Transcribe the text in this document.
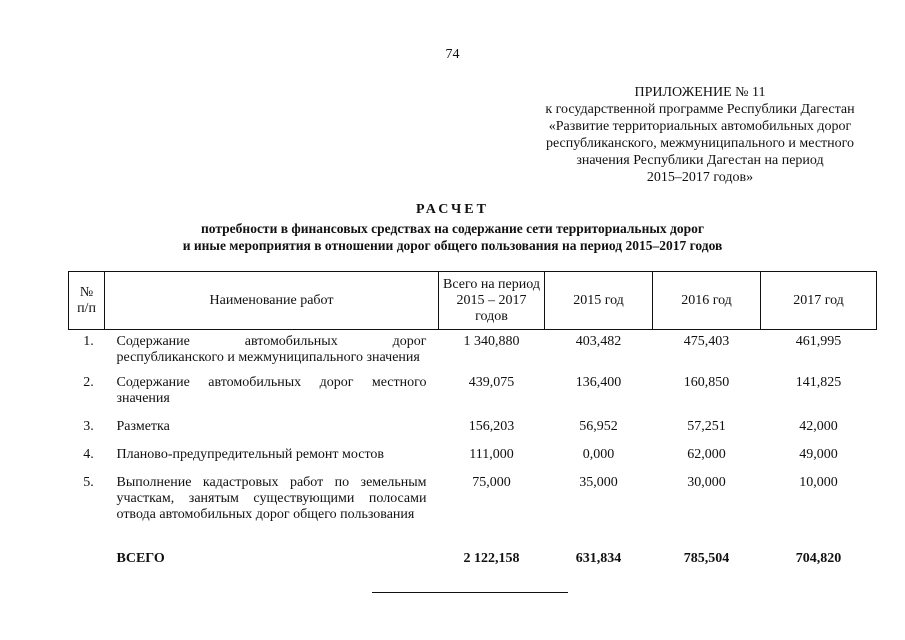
74
ПРИЛОЖЕНИЕ № 11
к государственной программе Республики Дагестан
«Развитие территориальных автомобильных дорог
республиканского, межмуниципального и местного
значения Республики Дагестан на период
2015–2017 годов»
РАСЧЕТ
потребности в финансовых средствах на содержание сети территориальных дорог
и иные мероприятия в отношении дорог общего пользования на период 2015–2017 годов
№ п/п	Наименование работ	Всего на период 2015 – 2017 годов	2015 год	2016 год	2017 год
1.	Содержание автомобильных дорог республиканского и межмуниципального значения	1 340,880	403,482	475,403	461,995
2.	Содержание автомобильных дорог местного значения	439,075	136,400	160,850	141,825
3.	Разметка	156,203	56,952	57,251	42,000
4.	Планово-предупредительный ремонт мостов	111,000	0,000	62,000	49,000
5.	Выполнение кадастровых работ по земельным участкам, занятым существующими полосами отвода автомобильных дорог общего пользования	75,000	35,000	30,000	10,000
	ВСЕГО	2 122,158	631,834	785,504	704,820
